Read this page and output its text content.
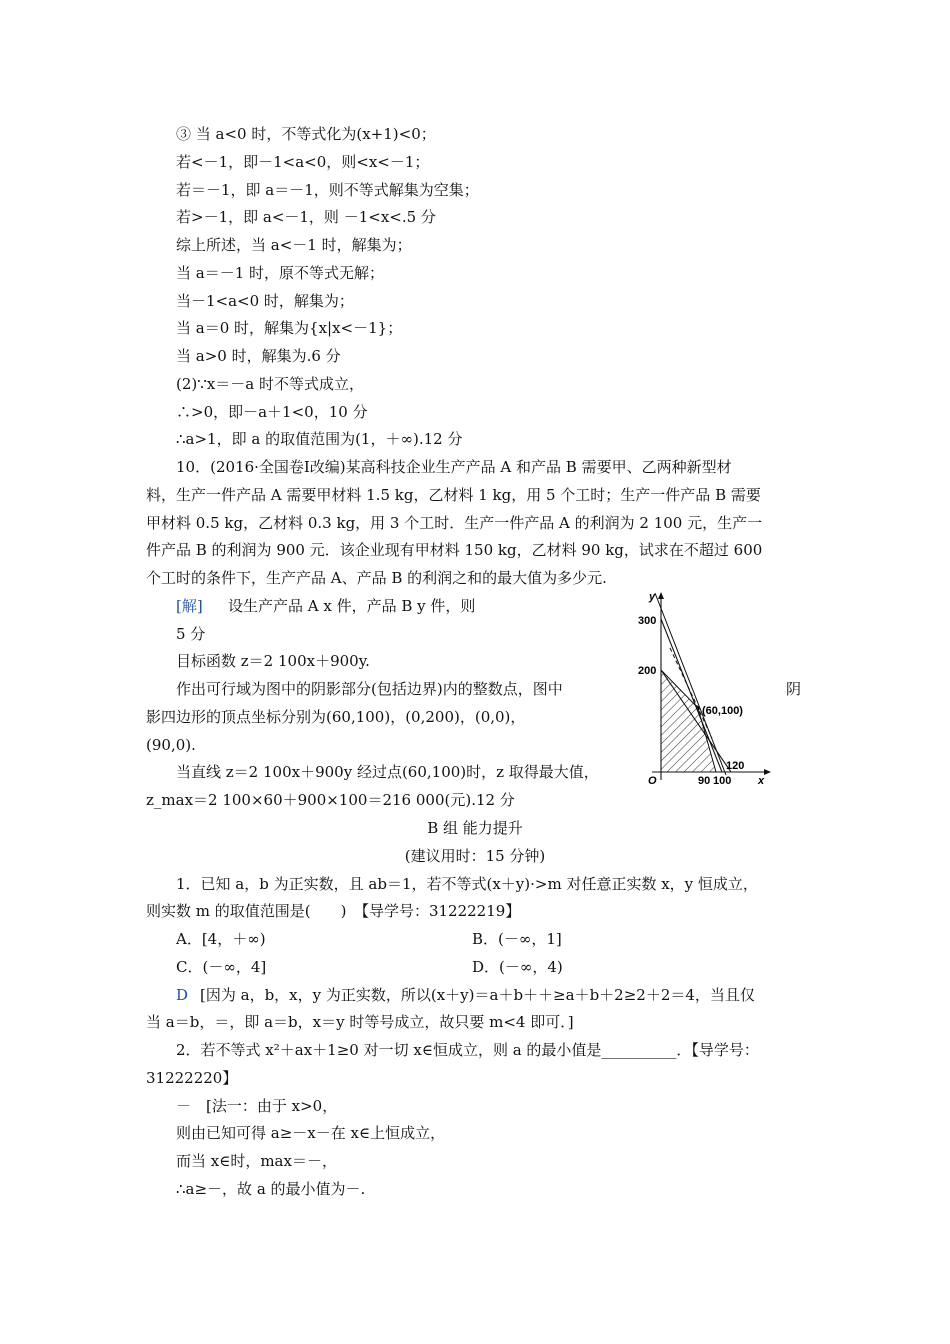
③ 当 a<0 时，不等式化为(x+1)<0；
若<－1，即－1<a<0，则<x<－1；
若＝－1，即 a＝－1，则不等式解集为空集；
若>－1，即 a<－1，则 －1<x<.5 分
综上所述，当 a<－1 时，解集为；
当 a＝－1 时，原不等式无解；
当－1<a<0 时，解集为；
当 a＝0 时，解集为{x|x<－1}；
当 a>0 时，解集为.6 分
(2)∵x＝－a 时不等式成立，
∴>0，即－a＋1<0，10 分
∴a>1，即 a 的取值范围为(1，＋∞).12 分
10．(2016·全国卷Ⅰ改编)某高科技企业生产产品 A 和产品 B 需要甲、乙两种新型材
料，生产一件产品 A 需要甲材料 1.5 kg，乙材料 1 kg，用 5 个工时；生产一件产品 B 需要
甲材料 0.5 kg，乙材料 0.3 kg，用 3 个工时．生产一件产品 A 的利润为 2 100 元，生产一
件产品 B 的利润为 900 元．该企业现有甲材料 150 kg，乙材料 90 kg，试求在不超过 600
个工时的条件下，生产产品 A、产品 B 的利润之和的最大值为多少元.
[解] 设生产产品 A x 件，产品 B y 件，则
5 分
目标函数 z＝2 100x＋900y.
作出可行域为图中的阴影部分(包括边界)内的整数点，图中	阴
影四边形的顶点坐标分别为(60,100)，(0,200)，(0,0)，
(90,0).
当直线 z＝2 100x＋900y 经过点(60,100)时，z 取得最大值，
z_max＝2 100×60＋900×100＝216 000(元).12 分
y
x
O
300
200
(60,100)
90 100
120
B 组 能力提升
(建议用时：15 分钟)
1．已知 a，b 为正实数，且 ab＝1，若不等式(x＋y)·>m 对任意正实数 x，y 恒成立，
则实数 m 的取值范围是(　　)　【导学号：31222219】
A．[4，＋∞)	B．(－∞，1]
C．(－∞，4]	D．(－∞，4)
D [因为 a，b，x，y 为正实数，所以(x＋y)＝a＋b＋＋≥a＋b＋2≥2＋2＝4，当且仅
当 a＝b，＝，即 a＝b，x＝y 时等号成立，故只要 m<4 即可．]
2．若不等式 x²＋ax＋1≥0 对一切 x∈恒成立，则 a 的最小值是__________．【导学号：
31222220】
－ [法一：由于 x>0，
则由已知可得 a≥－x－在 x∈上恒成立，
而当 x∈时，max＝－，
∴a≥－，故 a 的最小值为－.
